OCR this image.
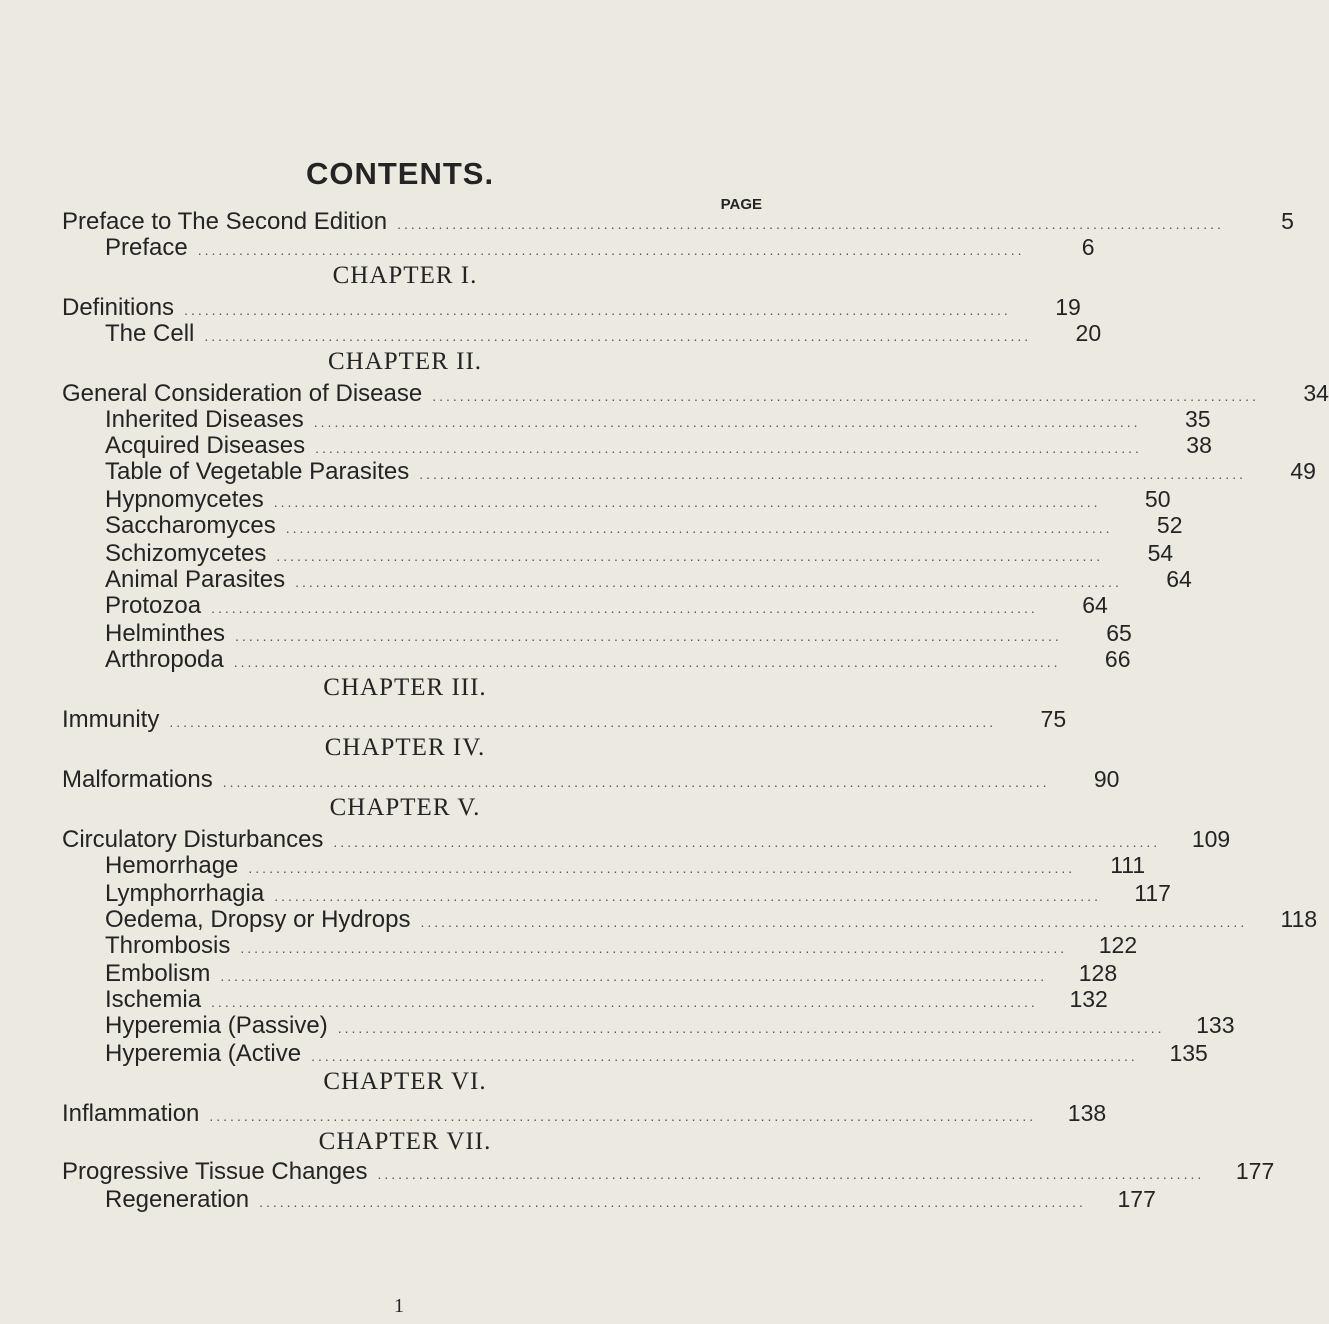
CONTENTS.
PAGE
Preface to The Second Edition ........................................................................................................................	5
Preface ........................................................................................................................	6
CHAPTER I.
Definitions ........................................................................................................................	19
The Cell ........................................................................................................................	20
CHAPTER II.
General Consideration of Disease ........................................................................................................................	34
Inherited Diseases ........................................................................................................................	35
Acquired Diseases ........................................................................................................................	38
Table of Vegetable Parasites ........................................................................................................................	49
Hypnomycetes ........................................................................................................................	50
Saccharomyces ........................................................................................................................	52
Schizomycetes ........................................................................................................................	54
Animal Parasites ........................................................................................................................	64
Protozoa ........................................................................................................................	64
Helminthes ........................................................................................................................	65
Arthropoda ........................................................................................................................	66
CHAPTER III.
Immunity ........................................................................................................................	75
CHAPTER IV.
Malformations ........................................................................................................................	90
CHAPTER V.
Circulatory Disturbances ........................................................................................................................	109
Hemorrhage ........................................................................................................................	111
Lymphorrhagia ........................................................................................................................	117
Oedema, Dropsy or Hydrops ........................................................................................................................	118
Thrombosis ........................................................................................................................	122
Embolism ........................................................................................................................	128
Ischemia ........................................................................................................................	132
Hyperemia (Passive) ........................................................................................................................	133
Hyperemia (Active ........................................................................................................................	135
CHAPTER VI.
Inflammation ........................................................................................................................	138
CHAPTER VII.
Progressive Tissue Changes ........................................................................................................................	177
Regeneration ........................................................................................................................	177
1
